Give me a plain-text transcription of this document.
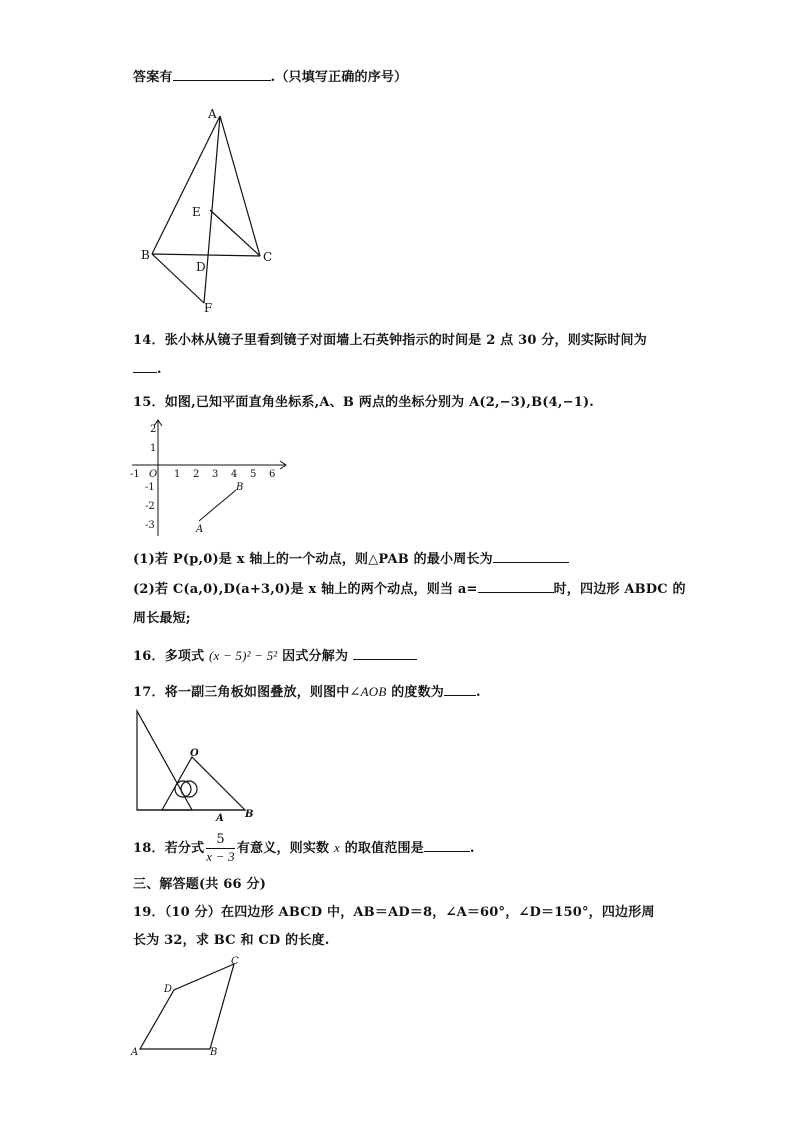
答案有	.（只填写正确的序号）
A
B	C
D
E
F
14．张小林从镜子里看到镜子对面墙上石英钟指示的时间是 2 点 30 分，则实际时间为
.
15．如图,已知平面直角坐标系,A、B 两点的坐标分别为 A(2,−3),B(4,−1).
-1	1 2 3 4 5 6
2
1
-1
-2
-3
O
A
B
(1)若 P(p,0)是 x 轴上的一个动点，则△PAB 的最小周长为
(2)若 C(a,0),D(a+3,0)是 x 轴上的两个动点，则当 a=	时，四边形 ABDC 的
周长最短;
16．多项式 (x − 5)² − 5² 因式分解为
17．将一副三角板如图叠放，则图中∠AOB 的度数为 .
O
A B
18．若分式 $\frac{5}{x - 3}$ 有意义，则实数 x 的取值范围是	.
三、解答题(共 66 分)
19．（10 分）在四边形 ABCD 中，AB＝AD＝8，∠A＝60°，∠D＝150°，四边形周
长为 32，求 BC 和 CD 的长度.
A	B
C
D
